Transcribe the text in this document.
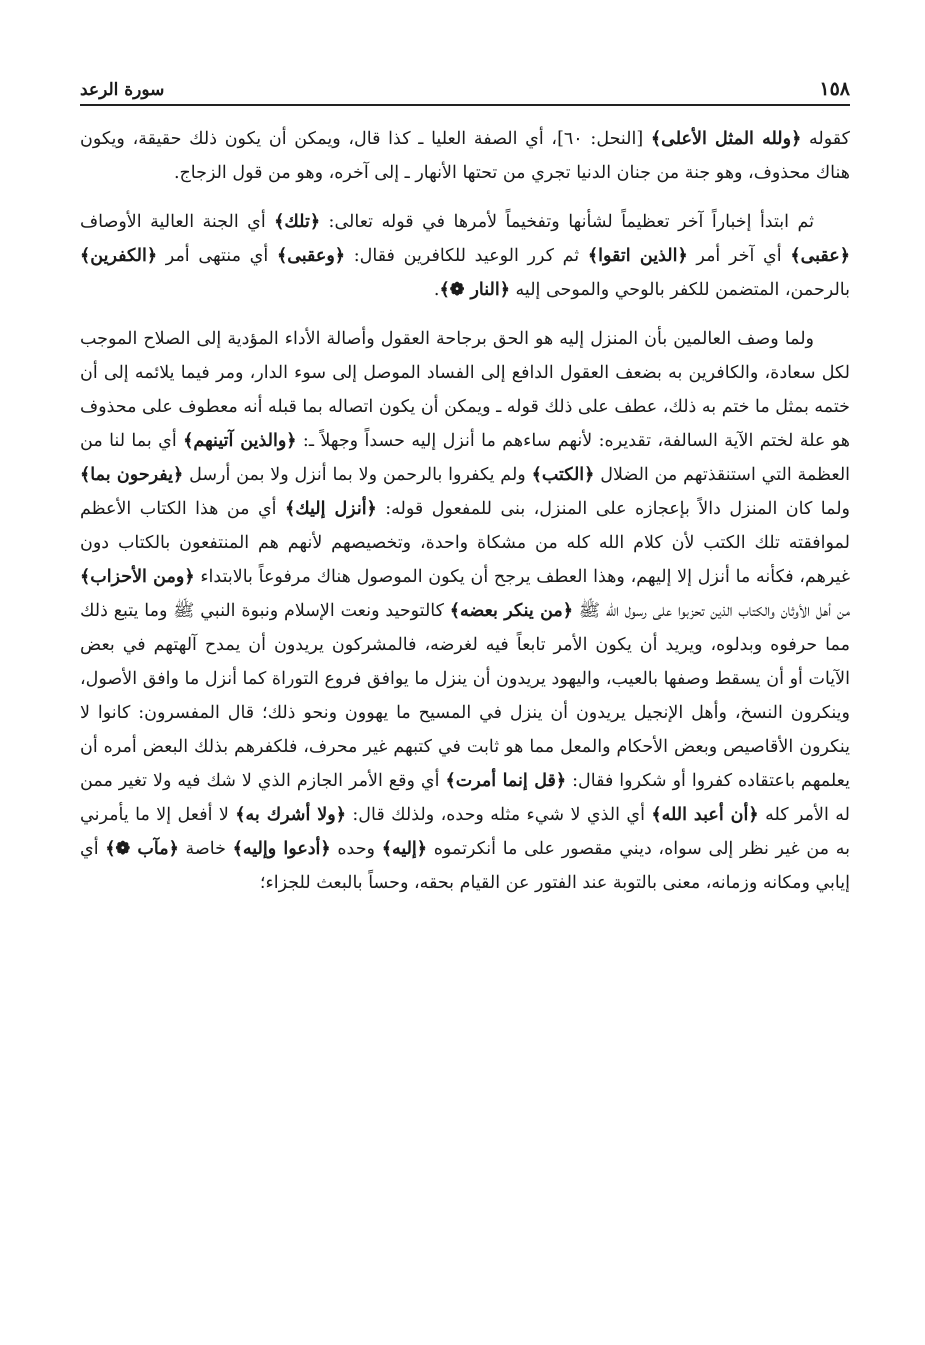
١٥٨
سورة الرعد

كقوله ﴿ولله المثل الأعلى﴾ [النحل: ٦٠]، أي الصفة العليا ـ كذا قال، ويمكن أن يكون ذلك حقيقة، ويكون هناك محذوف، وهو جنة من جنان الدنيا تجري من تحتها الأنهار ـ إلى آخره، وهو من قول الزجاج.

ثم ابتدأ إخباراً آخر تعظيماً لشأنها وتفخيماً لأمرها في قوله تعالى: ﴿تلك﴾ أي الجنة العالية الأوصاف ﴿عقبى﴾ أي آخر أمر ﴿الذين اتقوا﴾ ثم كرر الوعيد للكافرين فقال: ﴿وعقبى﴾ أي منتهى أمر ﴿الكفرين﴾ بالرحمن، المتضمن للكفر بالوحي والموحى إليه ﴿النار ❁﴾.

ولما وصف العالمين بأن المنزل إليه هو الحق برجاحة العقول وأصالة الأداء المؤدية إلى الصلاح الموجب لكل سعادة، والكافرين به بضعف العقول الدافع إلى الفساد الموصل إلى سوء الدار، ومر فيما يلائمه إلى أن ختمه بمثل ما ختم به ذلك، عطف على ذلك قوله ـ ويمكن أن يكون اتصاله بما قبله أنه معطوف على محذوف هو علة لختم الآية السالفة، تقديره: لأنهم ساءهم ما أنزل إليه حسداً وجهلاً ـ: ﴿والذين آتينهم﴾ أي بما لنا من العظمة التي استنقذتهم من الضلال ﴿الكتب﴾ ولم يكفروا بالرحمن ولا بما أنزل ولا بمن أرسل ﴿يفرحون بما﴾ ولما كان المنزل دالاً بإعجازه على المنزل، بنى للمفعول قوله: ﴿أنزل إليك﴾ أي من هذا الكتاب الأعظم لموافقته تلك الكتب لأن كلام الله كله من مشكاة واحدة، وتخصيصهم لأنهم هم المنتفعون بالكتاب دون غيرهم، فكأنه ما أنزل إلا إليهم، وهذا العطف يرجح أن يكون الموصول هناك مرفوعاً بالابتداء ﴿ومن الأحزاب﴾ من أهل الأوثان والكتاب الذين تحزبوا على رسول الله ﷺ ﴿من ينكر بعضه﴾ كالتوحيد ونعت الإسلام ونبوة النبي ﷺ وما يتبع ذلك مما حرفوه وبدلوه، ويريد أن يكون الأمر تابعاً فيه لغرضه، فالمشركون يريدون أن يمدح آلهتهم في بعض الآيات أو أن يسقط وصفها بالعيب، واليهود يريدون أن ينزل ما يوافق فروع التوراة كما أنزل ما وافق الأصول، وينكرون النسخ، وأهل الإنجيل يريدون أن ينزل في المسيح ما يهوون ونحو ذلك؛ قال المفسرون: كانوا لا ينكرون الأقاصيص وبعض الأحكام والمعل مما هو ثابت في كتبهم غير محرف، فلكفرهم بذلك البعض أمره أن يعلمهم باعتقاده كفروا أو شكروا فقال: ﴿قل إنما أمرت﴾ أي وقع الأمر الجازم الذي لا شك فيه ولا تغير ممن له الأمر كله ﴿أن أعبد الله﴾ أي الذي لا شيء مثله وحده، ولذلك قال: ﴿ولا أشرك به﴾ لا أفعل إلا ما يأمرني به من غير نظر إلى سواه، ديني مقصور على ما أنكرتموه ﴿إليه﴾ وحده ﴿أدعوا وإليه﴾ خاصة ﴿مآب ❁﴾ أي إيابي ومكانه وزمانه، معنى بالتوبة عند الفتور عن القيام بحقه، وحساً بالبعث للجزاء؛
